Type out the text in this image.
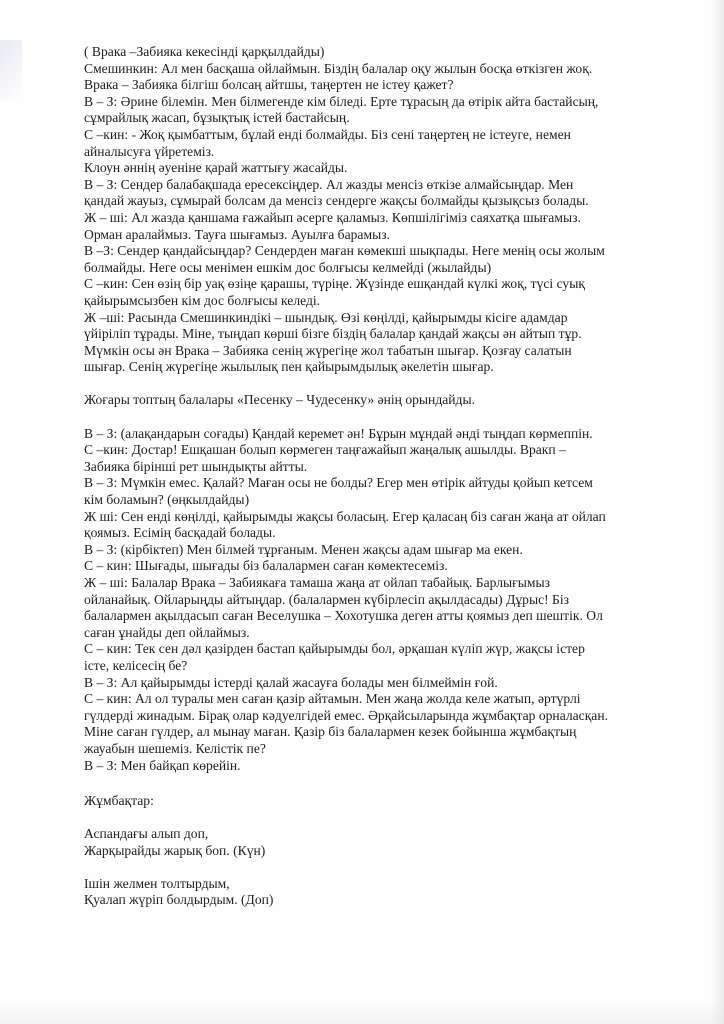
( Врака –Забияка кекесінді қарқылдайды)
Смешинкин: Ал мен басқаша ойлаймын. Біздің балалар оқу жылын босқа өткізген жоқ.
Врака – Забияка білгіш болсаң айтшы, таңертен не істеу қажет?
В – З: Әрине білемін. Мен білмегенде кім біледі. Ерте тұрасың да өтірік айта бастайсың,
сұмрайлық жасап, бұзықтық істей бастайсың.
С –кин: - Жоқ қымбаттым, бұлай енді болмайды. Біз сені таңертең не істеуге, немен
айналысуға үйретеміз.
Клоун әннің әуеніне қарай жаттығу жасайды.
В – З: Сендер балабақшада ересексіңдер. Ал жазды менсіз өткізе алмайсыңдар. Мен
қандай жауыз, сұмырай болсам да менсіз сендерге жақсы болмайды қызықсыз болады.
Ж – ші: Ал жазда қаншама ғажайып әсерге қаламыз. Көпшілігіміз саяхатқа шығамыз.
Орман аралаймыз. Тауға шығамыз. Ауылға барамыз.
В –З: Сендер қандайсыңдар? Сендерден маған көмекші шықпады. Неге менің осы жолым
болмайды. Неге осы менімен ешкім дос болғысы келмейді (жылайды)
С –кин: Сен өзің бір уақ өзіңе қарашы, түріңе. Жүзінде ешқандай күлкі жоқ, түсі суық
қайырымсызбен кім дос болғысы келеді.
Ж –ші: Расында Смешинкиндікі – шындық. Өзі көңілді, қайырымды кісіге адамдар
үйіріліп тұрады. Міне, тыңдап көрші бізге біздің балалар қандай жақсы ән айтып тұр.
Мүмкін осы ән Врака – Забияка сенің жүрегіңе жол табатын шығар. Қозғау салатын
шығар. Сенің жүрегіңе жылылық пен қайырымдылық әкелетін шығар.
Жоғары топтың балалары «Песенку – Чудесенку» әнің орындайды.
В – З: (алақандарын соғады) Қандай керемет ән! Бұрын мұндай әнді тыңдап көрмеппін.
С –кин: Достар! Ешқашан болып көрмеген таңғажайып жаңалық ашылды. Вракп –
Забияка бірінші рет шындықты айтты.
В – З: Мүмкін емес. Қалай? Маған осы не болды? Егер мен өтірік айтуды қойып кетсем
кім боламын? (өңкылдайды)
Ж ші: Сен енді көңілді, қайырымды жақсы боласың. Егер қаласаң біз саған жаңа ат ойлап
қоямыз. Есімің басқадай болады.
В – З: (кірбіктеп) Мен білмей тұрғаным. Менен жақсы адам шығар ма екен.
С – кин: Шығады, шығады біз балалармен саған көмектесеміз.
Ж – ші: Балалар Врака – Забиякаға тамаша жаңа ат ойлап табайық. Барлығымыз
ойланайық. Ойларыңды айтыңдар. (балалармен күбірлесіп ақылдасады) Дұрыс! Біз
балалармен ақылдасып саған Веселушка – Хохотушка деген атты қоямыз деп шештік. Ол
саған ұнайды деп ойлаймыз.
С – кин: Тек сен дәл қазірден бастап қайырымды бол, әрқашан күліп жүр, жақсы істер
істе, келісесің бе?
В – З: Ал қайырымды істерді қалай жасауға болады мен білмеймін ғой.
С – кин: Ал ол туралы мен саған қазір айтамын. Мен жаңа жолда келе жатып, әртүрлі
гүлдерді жинадым. Бірақ олар кәдуелгідей емес. Әрқайсыларында жұмбақтар орналасқан.
Міне саған гүлдер, ал мынау маған. Қазір біз балалармен кезек бойынша жұмбақтың
жауабын шешеміз. Келістік пе?
В – З: Мен байқап көрейін.
Жұмбақтар:
Аспандағы алып доп,
Жарқырайды жарық боп. (Күн)
Ішін желмен толтырдым,
Қуалап жүріп болдырдым. (Доп)
